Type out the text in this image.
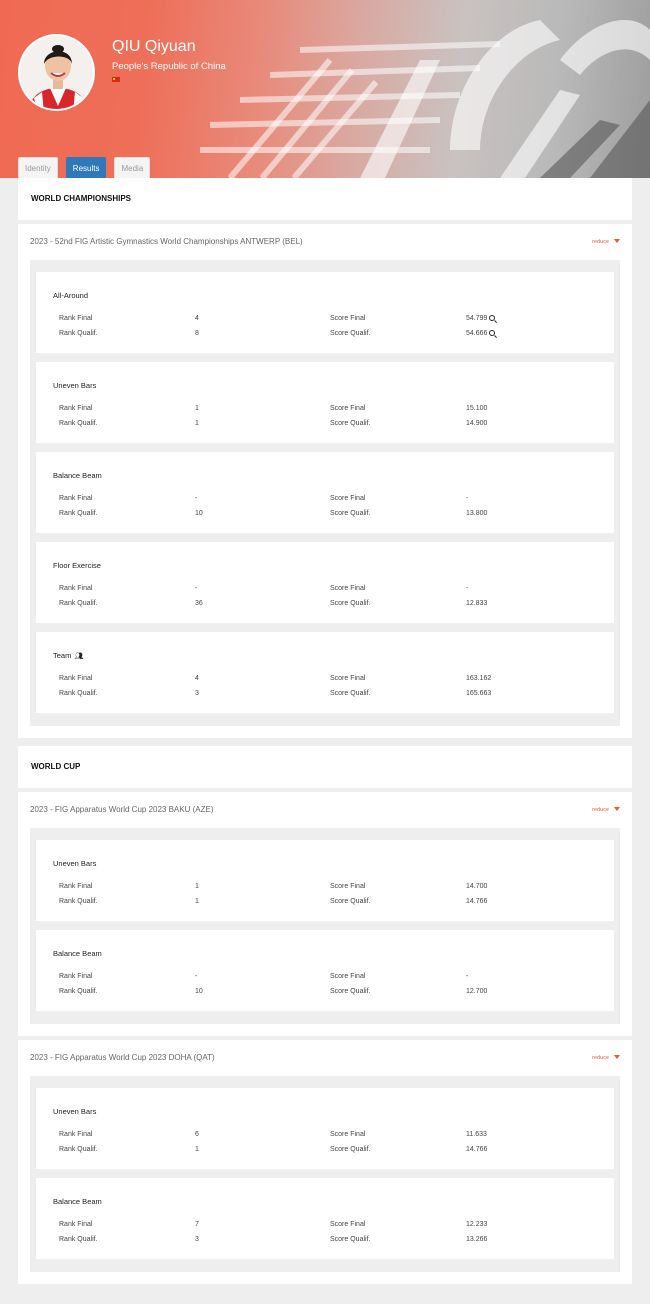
QIU Qiyuan
People's Republic of China
Identity	Results	Media
WORLD CHAMPIONSHIPS
2023 - 52nd FIG Artistic Gymnastics World Championships ANTWERP (BEL)	reduce
All-Around
Rank Final	4	Score Final	54.799
Rank Qualif.	8	Score Qualif.	54.666
Uneven Bars
Rank Final	1	Score Final	15.100
Rank Qualif.	1	Score Qualif.	14.900
Balance Beam
Rank Final	-	Score Final	-
Rank Qualif.	10	Score Qualif.	13.800
Floor Exercise
Rank Final	-	Score Final	-
Rank Qualif.	36	Score Qualif.	12.833
Team 👥︎
Rank Final	4	Score Final	163.162
Rank Qualif.	3	Score Qualif.	165.663
WORLD CUP
2023 - FIG Apparatus World Cup 2023 BAKU (AZE)	reduce
Uneven Bars
Rank Final	1	Score Final	14.700
Rank Qualif.	1	Score Qualif.	14.766
Balance Beam
Rank Final	-	Score Final	-
Rank Qualif.	10	Score Qualif.	12.700
2023 - FIG Apparatus World Cup 2023 DOHA (QAT)	reduce
Uneven Bars
Rank Final	6	Score Final	11.633
Rank Qualif.	1	Score Qualif.	14.766
Balance Beam
Rank Final	7	Score Final	12.233
Rank Qualif.	3	Score Qualif.	13.266
